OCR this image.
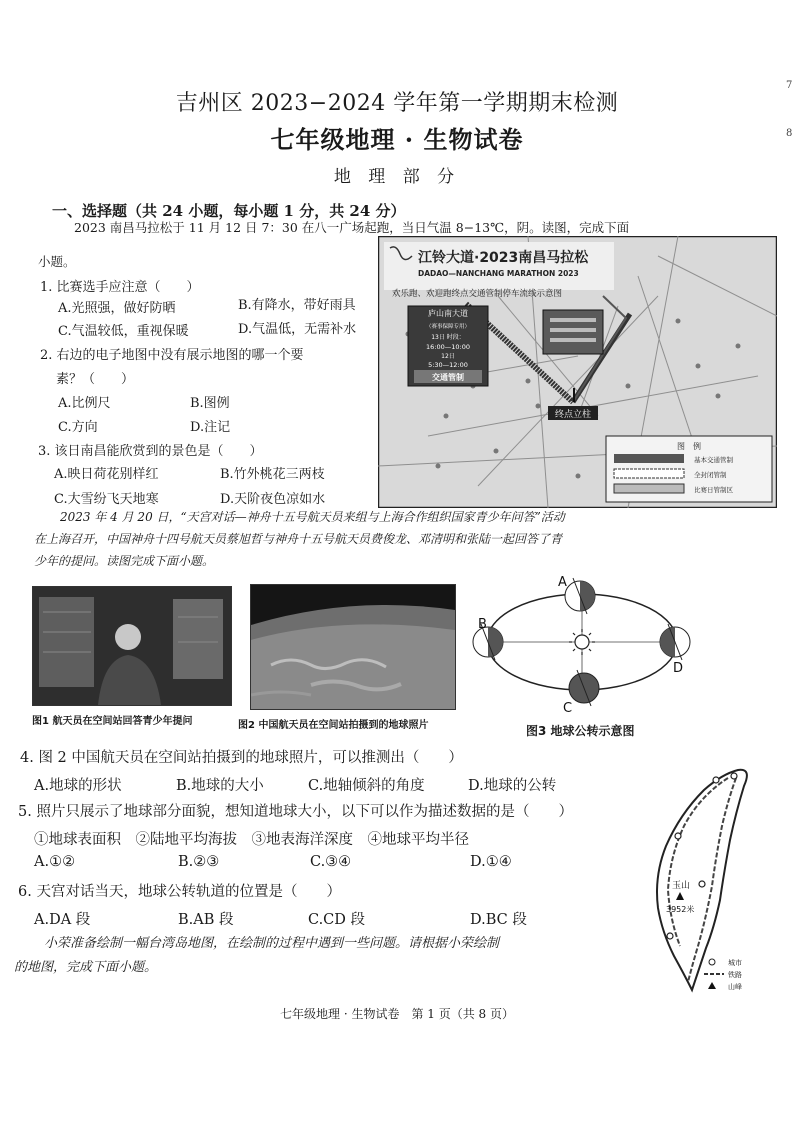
吉州区 2023−2024 学年第一学期期末检测
七年级地理 · 生物试卷
地 理 部 分
7
8
一、选择题（共 24 小题，每小题 1 分，共 24 分）
2023 南昌马拉松于 11 月 12 日 7：30 在八一广场起跑，当日气温 8−13℃，阴。读图，完成下面
小题。
1. 比赛选手应注意（　　）
A.光照强，做好防晒	B.有降水，带好雨具
C.气温较低，重视保暖	D.气温低，无需补水
2. 右边的电子地图中没有展示地图的哪一个要
素？（　　）
A.比例尺	B.图例
C.方向	D.注记
3. 该日南昌能欣赏到的景色是（　　）
A.映日荷花别样红	B.竹外桃花三两枝
C.大雪纷飞天地寒	D.天阶夜色凉如水
江铃大道·2023南昌马拉松
DADAO—NANCHANG MARATHON 2023
欢乐跑、欢迎跑终点交通管制停车流线示意图
庐山南大道
（赛事保障专用）
13日 时段：
16:00—10:00
12日
5:30—12:00
交通管制
终点立柱
图　例
基本交通管制
全封闭管制
比赛日管制区
2023 年 4 月 20 日，“天宫对话—神舟十五号航天员来组与上海合作组织国家青少年问答”活动
在上海召开，中国神舟十四号航天员蔡旭哲与神舟十五号航天员费俊龙、邓清明和张陆一起回答了青
少年的提问。读图完成下面小题。
图1 航天员在空间站回答青少年提问	图2 中国航天员在空间站拍摄到的地球照片
A
B
C
D
图3 地球公转示意图
4. 图 2 中国航天员在空间站拍摄到的地球照片，可以推测出（　　）
A.地球的形状	B.地球的大小	C.地轴倾斜的角度	D.地球的公转
5. 照片只展示了地球部分面貌，想知道地球大小，以下可以作为描述数据的是（　　）
①地球表面积　②陆地平均海拔　③地表海洋深度　④地球平均半径
A.①②	B.②③	C.③④	D.①④
6. 天宫对话当天，地球公转轨道的位置是（　　）
A.DA 段	B.AB 段	C.CD 段	D.BC 段
小荣准备绘制一幅台湾岛地图，在绘制的过程中遇到一些问题。请根据小荣绘制
的地图，完成下面小题。
玉山
3952米
城市
铁路
山峰
七年级地理 · 生物试卷　第 1 页（共 8 页）
